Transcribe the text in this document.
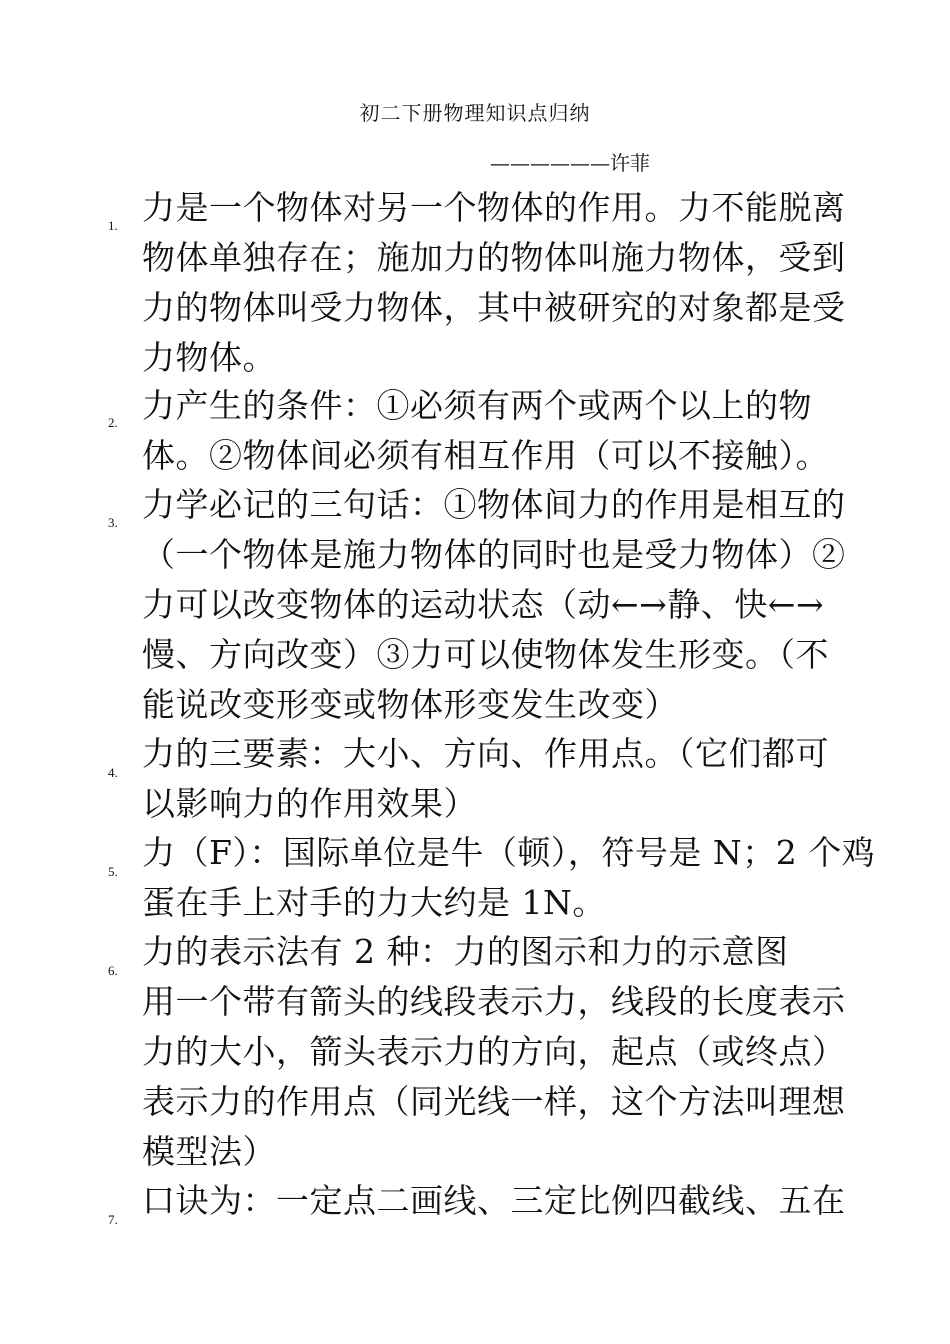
初二下册物理知识点归纳
——————许菲
1. 力是一个物体对另一个物体的作用。力不能脱离
物体单独存在；施加力的物体叫施力物体，受到
力的物体叫受力物体，其中被研究的对象都是受
力物体。
2. 力产生的条件：①必须有两个或两个以上的物
体。②物体间必须有相互作用（可以不接触）。
3. 力学必记的三句话：①物体间力的作用是相互的
（一个物体是施力物体的同时也是受力物体）②
力可以改变物体的运动状态（动←→静、快←→
慢、方向改变）③力可以使物体发生形变。（不
能说改变形变或物体形变发生改变）
4. 力的三要素：大小、方向、作用点。（它们都可
以影响力的作用效果）
5. 力（F）：国际单位是牛（顿），符号是 N；2 个鸡
蛋在手上对手的力大约是 1N。
6. 力的表示法有 2 种：力的图示和力的示意图
用一个带有箭头的线段表示力，线段的长度表示
力的大小，箭头表示力的方向，起点（或终点）
表示力的作用点（同光线一样，这个方法叫理想
模型法）
7. 口诀为：一定点二画线、三定比例四截线、五在
